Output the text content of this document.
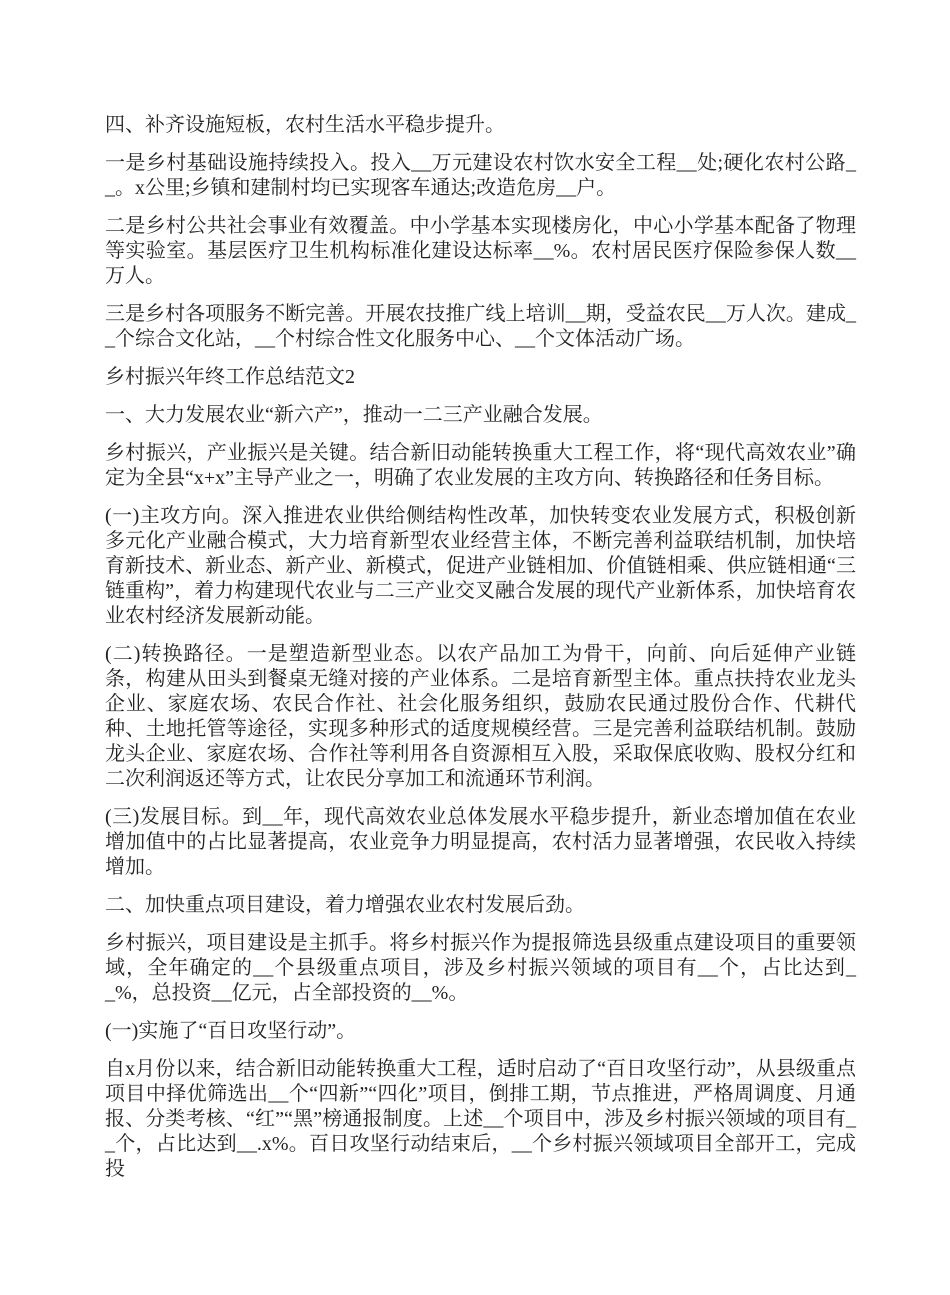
四、补齐设施短板，农村生活水平稳步提升。

一是乡村基础设施持续投入。投入__万元建设农村饮水安全工程__处;硬化农村公路__。x公里;乡镇和建制村均已实现客车通达;改造危房__户。

二是乡村公共社会事业有效覆盖。中小学基本实现楼房化，中心小学基本配备了物理等实验室。基层医疗卫生机构标准化建设达标率__%。农村居民医疗保险参保人数__万人。

三是乡村各项服务不断完善。开展农技推广线上培训__期，受益农民__万人次。建成__个综合文化站，__个村综合性文化服务中心、__个文体活动广场。

乡村振兴年终工作总结范文2

一、大力发展农业“新六产”，推动一二三产业融合发展。

乡村振兴，产业振兴是关键。结合新旧动能转换重大工程工作，将“现代高效农业”确定为全县“x+x”主导产业之一，明确了农业发展的主攻方向、转换路径和任务目标。

(一)主攻方向。深入推进农业供给侧结构性改革，加快转变农业发展方式，积极创新多元化产业融合模式，大力培育新型农业经营主体，不断完善利益联结机制，加快培育新技术、新业态、新产业、新模式，促进产业链相加、价值链相乘、供应链相通“三链重构”，着力构建现代农业与二三产业交叉融合发展的现代产业新体系，加快培育农业农村经济发展新动能。

(二)转换路径。一是塑造新型业态。以农产品加工为骨干，向前、向后延伸产业链条，构建从田头到餐桌无缝对接的产业体系。二是培育新型主体。重点扶持农业龙头企业、家庭农场、农民合作社、社会化服务组织，鼓励农民通过股份合作、代耕代种、土地托管等途径，实现多种形式的适度规模经营。三是完善利益联结机制。鼓励龙头企业、家庭农场、合作社等利用各自资源相互入股，采取保底收购、股权分红和二次利润返还等方式，让农民分享加工和流通环节利润。

(三)发展目标。到__年，现代高效农业总体发展水平稳步提升，新业态增加值在农业增加值中的占比显著提高，农业竞争力明显提高，农村活力显著增强，农民收入持续增加。

二、加快重点项目建设，着力增强农业农村发展后劲。

乡村振兴，项目建设是主抓手。将乡村振兴作为提报筛选县级重点建设项目的重要领域，全年确定的__个县级重点项目，涉及乡村振兴领域的项目有__个，占比达到__%，总投资__亿元，占全部投资的__%。

(一)实施了“百日攻坚行动”。

自x月份以来，结合新旧动能转换重大工程，适时启动了“百日攻坚行动”，从县级重点项目中择优筛选出__个“四新”“四化”项目，倒排工期，节点推进，严格周调度、月通报、分类考核、“红”“黑”榜通报制度。上述__个项目中，涉及乡村振兴领域的项目有__个，占比达到__.x%。百日攻坚行动结束后，__个乡村振兴领域项目全部开工，完成投
